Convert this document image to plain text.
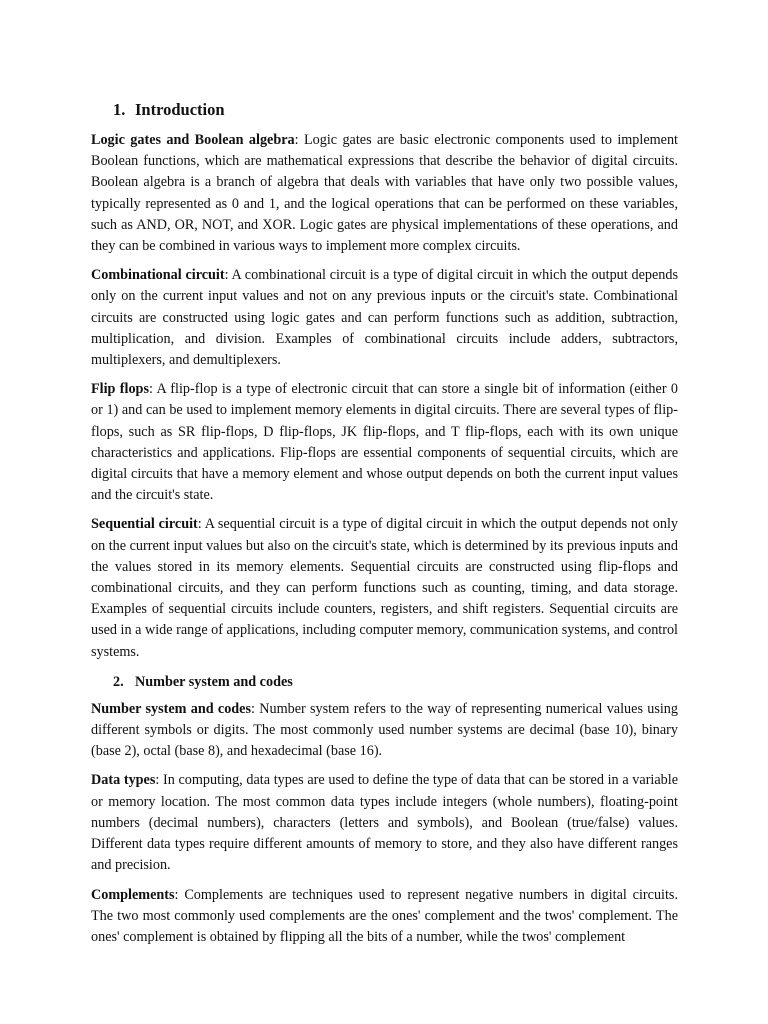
1. Introduction

Logic gates and Boolean algebra: Logic gates are basic electronic components used to implement Boolean functions, which are mathematical expressions that describe the behavior of digital circuits. Boolean algebra is a branch of algebra that deals with variables that have only two possible values, typically represented as 0 and 1, and the logical operations that can be performed on these variables, such as AND, OR, NOT, and XOR. Logic gates are physical implementations of these operations, and they can be combined in various ways to implement more complex circuits.

Combinational circuit: A combinational circuit is a type of digital circuit in which the output depends only on the current input values and not on any previous inputs or the circuit's state. Combinational circuits are constructed using logic gates and can perform functions such as addition, subtraction, multiplication, and division. Examples of combinational circuits include adders, subtractors, multiplexers, and demultiplexers.

Flip flops: A flip-flop is a type of electronic circuit that can store a single bit of information (either 0 or 1) and can be used to implement memory elements in digital circuits. There are several types of flip-flops, such as SR flip-flops, D flip-flops, JK flip-flops, and T flip-flops, each with its own unique characteristics and applications. Flip-flops are essential components of sequential circuits, which are digital circuits that have a memory element and whose output depends on both the current input values and the circuit's state.

Sequential circuit: A sequential circuit is a type of digital circuit in which the output depends not only on the current input values but also on the circuit's state, which is determined by its previous inputs and the values stored in its memory elements. Sequential circuits are constructed using flip-flops and combinational circuits, and they can perform functions such as counting, timing, and data storage. Examples of sequential circuits include counters, registers, and shift registers. Sequential circuits are used in a wide range of applications, including computer memory, communication systems, and control systems.

2. Number system and codes

Number system and codes: Number system refers to the way of representing numerical values using different symbols or digits. The most commonly used number systems are decimal (base 10), binary (base 2), octal (base 8), and hexadecimal (base 16).

Data types: In computing, data types are used to define the type of data that can be stored in a variable or memory location. The most common data types include integers (whole numbers), floating-point numbers (decimal numbers), characters (letters and symbols), and Boolean (true/false) values. Different data types require different amounts of memory to store, and they also have different ranges and precision.

Complements: Complements are techniques used to represent negative numbers in digital circuits. The two most commonly used complements are the ones' complement and the twos' complement. The ones' complement is obtained by flipping all the bits of a number, while the twos' complement
